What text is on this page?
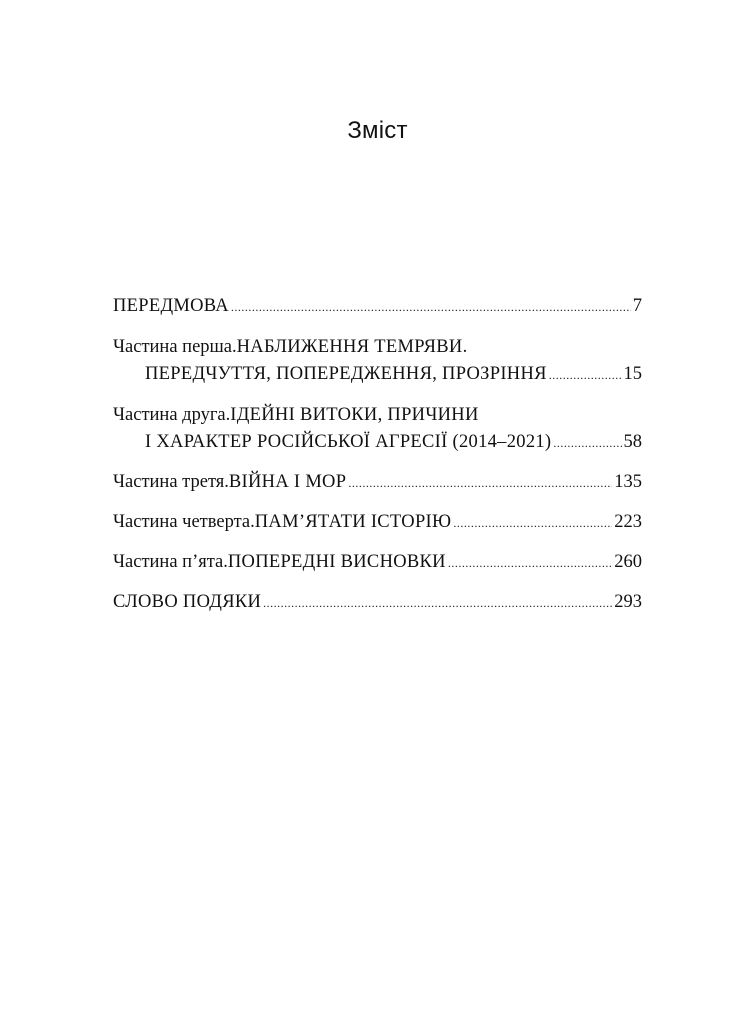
Зміст
ПЕРЕДМОВА .....	7
Частина перша. НАБЛИЖЕННЯ ТЕМРЯВИ.
ПЕРЕДЧУТТЯ, ПОПЕРЕДЖЕННЯ, ПРОЗРІННЯ .....	15
Частина друга. ІДЕЙНІ ВИТОКИ, ПРИЧИНИ
І ХАРАКТЕР РОСІЙСЬКОЇ АГРЕСІЇ (2014–2021) .....	58
Частина третя. ВІЙНА І МОР .....	135
Частина четверта. ПАМ’ЯТАТИ ІСТОРІЮ .....	223
Частина п’ята. ПОПЕРЕДНІ ВИСНОВКИ .....	260
СЛОВО ПОДЯКИ .....	293
